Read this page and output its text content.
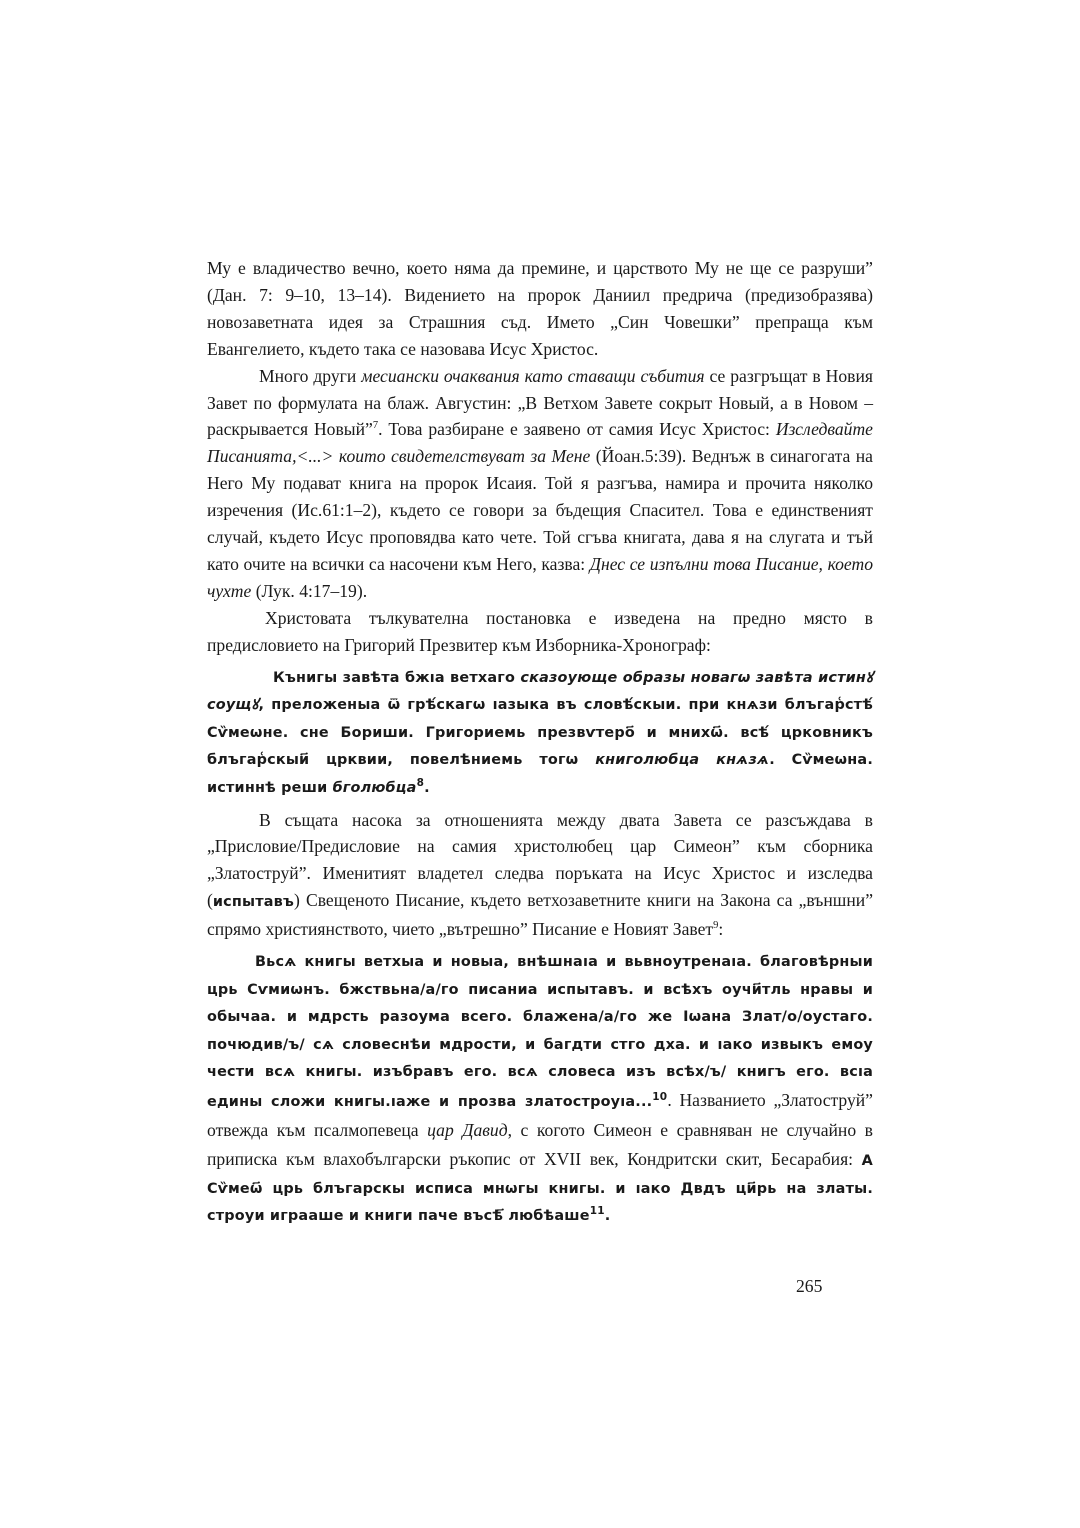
Му е владичество вечно, което няма да премине, и царството Му не ще се разруши” (Дан. 7: 9–10, 13–14). Видението на пророк Даниил предрича (предизобразява) новозаветната идея за Страшния съд. Името „Син Човешки” препраща към Евангелието, където така се назовава Исус Христос.

Много други месиански очаквания като ставащи събития се разгръщат в Новия Завет по формулата на блаж. Августин: „В Ветхом Завете сокрыт Новый, а в Новом – раскрывается Новый”$^7$. Това разбиране е заявено от самия Исус Христос: Изследвайте Писанията,<...> които свидетелствуват за Мене (Йоан.5:39). Веднъж в синагогата на Него Му подават книга на пророк Исаия. Той я разгъва, намира и прочита няколко изречения (Ис.61:1–2), където се говори за бъдещия Спасител. Това е единственият случай, където Исус проповядва като чете. Той сгъва книгата, дава я на слугата и тъй като очите на всички са насочени към Него, казва: Днес се изпълни това Писание, което чухте (Лук. 4:17–19).

Христовата тълкувателна постановка е изведена на предно място в предисловието на Григорий Презвитер към Изборника-Хронограф:

Кънигы завѣта бжıа ветхаго сказоующе образы новагѡ завѣта истинꙋ соущꙋ, преложеныа ѿ грѣ́скагѡ ıазыка въ словѣ́скыи. при кнѧзи блъгар͑стѣ́ Сѷмеѡне. сне Бориши. Григориемь презвѵтеро҃ и мнихѡ҃. всѣ́ црковникъ блъгар͑скыи҃ црквии, повелѣниемь тогѡ книголюбца кнѧзѧ. Сѷмеѡна. истиннѣ реши бголюбца$^8$.

В същата насока за отношенията между двата Завета се разсъждава в „Присловие/Предисловие на самия христолюбец цар Симеон” към сборника „Златоструй”. Именитият владетел следва поръката на Исус Христос и изследва (испытавъ) Свещеното Писание, където ветхозаветните книги на Закона са „външни” спрямо християнството, чието „вътрешно” Писание е Новият Завет$^9$:

Вьсѧ книгы ветхыа и новыа, внѣшнаıа и вьвноутренаıа. благовѣрныи црь Сѵмиѡнъ. бжствьна/а/го писаниа испытавъ. и всѣхъ оучи҃тль нравы и обычаа. и мдрсть разоума всего. блажена/а/го же Іѡана Злат/о/оустаго. почюдив/ъ/ сѧ словеснѣи мдрости, и багдти стго дха. и ıако извыкъ емоу чести всѧ книгы. изъбравъ его. всѧ словеса изъ всѣх/ъ/ книгъ его. всıа едины сложи книгы.ıаже и прозва златостроуıа...$^{10}$. Названието „Златоструй” отвежда към псалмопевеца цар Давид, с когото Симеон е сравняван не случайно в приписка към влахобългарски ръкопис от XVII век, Кондритски скит, Бесарабия: А Сѷмеѡ҃ црь блъгарскы исписа мнѡгы книгы. и ıако Двдъ ци҃рь на златы. строуи играаше и книги паче въсѣ҃ любѣаше$^{11}$.

265
